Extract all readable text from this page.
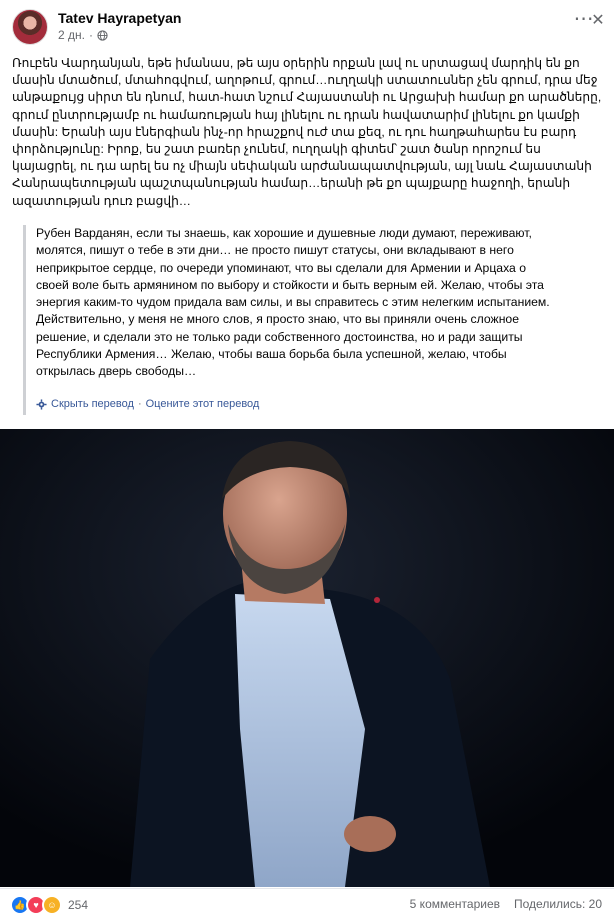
Tatev Hayrapetyan
2 дн. ·
⋯
✕
Ռուբեն Վարդանյան, եթե իմանաս, թե այս օրերին որքան լավ ու սրտացավ մարդիկ են քո մասին մտածում, մտահոգվում, աղոթում, գրում…ուղղակի ստատուսներ չեն գրում, դրա մեջ անթաքույց սիրտ են դնում, հատ-հատ նշում Հայաստանի ու Արցախի համար քո արածները,
գրում ընտրությամբ ու համառության հայ լինելու ու դրան հավատարիմ լինելու քո կամքի մասին: Երանի այս էներգիան ինչ-որ հրաշքով ուժ տա քեզ, ու դու հաղթահարես էս բարդ փորձությունը: Իրոք, ես շատ բառեր չունեմ, ուղղակի գիտեմ՝ շատ ծանր որոշում ես կայացրել, ու դա արել ես ոչ միայն սեփական արժանապատվության, այլ նաև Հայաստանի Հանրապետության պաշտպանության համար…երանի թե քո պայքարը հաջողի, երանի ազատության դուռ բացվի…

Рубен Варданян, если ты знаешь, как хорошие и душевные люди думают, переживают,
молятся, пишут о тебе в эти дни… не просто пишут статусы, они вкладывают в него
неприкрытое сердце, по очереди упоминают, что вы сделали для Армении и Арцаха о
своей воле быть армянином по выбору и стойкости и быть верным ей. Желаю, чтобы эта
энергия каким-то чудом придала вам силы, и вы справитесь с этим нелегким испытанием.
Действительно, у меня не много слов, я просто знаю, что вы приняли очень сложное
решение, и сделали это не только ради собственного достоинства, но и ради защиты
Республики Армения… Желаю, чтобы ваша борьба была успешной, желаю, чтобы
открылась дверь свободы…

Скрыть перевод · Оцените этот перевод
👍 ♥ ☺ 254	5 комментариев Поделились: 20
